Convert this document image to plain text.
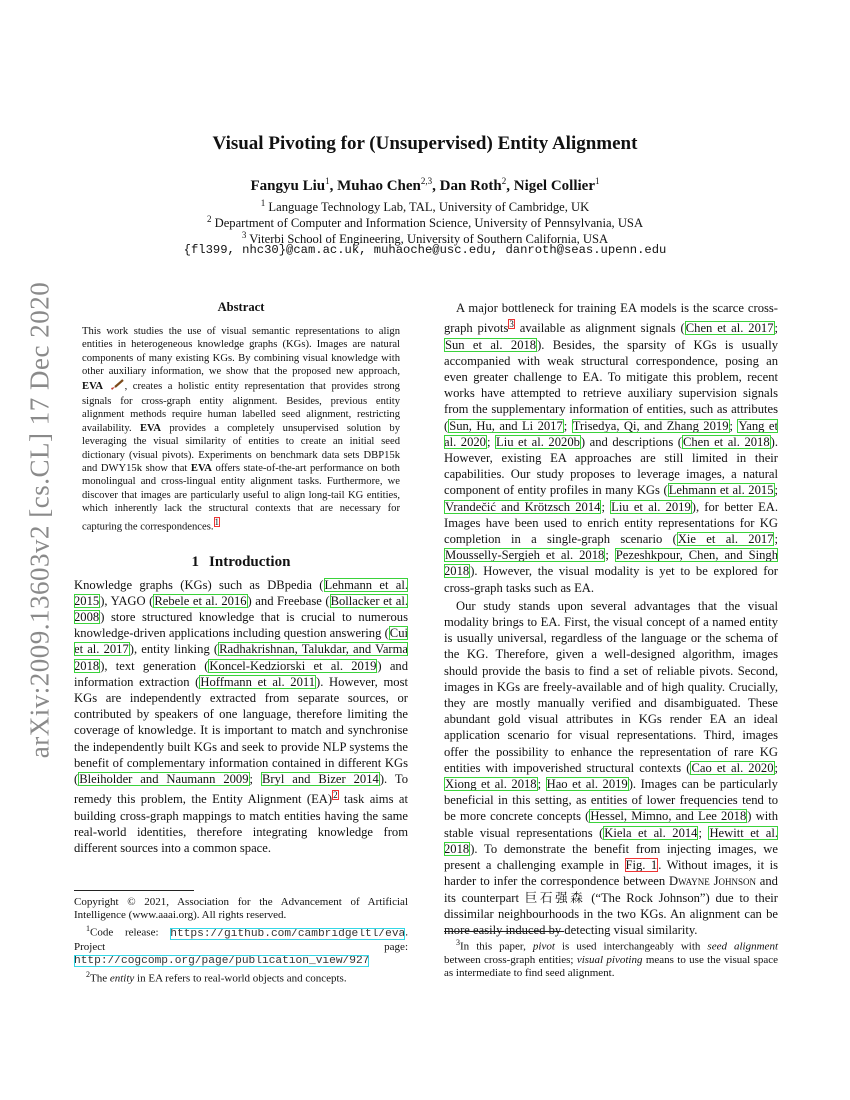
arXiv:2009.13603v2 [cs.CL] 17 Dec 2020
Visual Pivoting for (Unsupervised) Entity Alignment
Fangyu Liu$^1$, Muhao Chen$^{2,3}$, Dan Roth$^2$, Nigel Collier$^1$
$^1$ Language Technology Lab, TAL, University of Cambridge, UK
$^2$ Department of Computer and Information Science, University of Pennsylvania, USA
$^3$ Viterbi School of Engineering, University of Southern California, USA
{fl399, nhc30}@cam.ac.uk, muhaoche@usc.edu, danroth@seas.upenn.edu
Abstract

This work studies the use of visual semantic representations to align entities in heterogeneous knowledge graphs (KGs). Images are natural components of many existing KGs. By combining visual knowledge with other auxiliary information, we show that the proposed new approach, EVA , creates a holistic entity representation that provides strong signals for cross-graph entity alignment. Besides, previous entity alignment methods require human labelled seed alignment, restricting availability. EVA provides a completely unsupervised solution by leveraging the visual similarity of entities to create an initial seed dictionary (visual pivots). Experiments on benchmark data sets DBP15k and DWY15k show that EVA offers state-of-the-art performance on both monolingual and cross-lingual entity alignment tasks. Furthermore, we discover that images are particularly useful to align long-tail KG entities, which inherently lack the structural contexts that are necessary for capturing the correspondences.$^1$

1 Introduction

Knowledge graphs (KGs) such as DBpedia (Lehmann et al. 2015), YAGO (Rebele et al. 2016) and Freebase (Bollacker et al. 2008) store structured knowledge that is crucial to numerous knowledge-driven applications including question answering (Cui et al. 2017), entity linking (Radhakrishnan, Talukdar, and Varma 2018), text generation (Koncel-Kedziorski et al. 2019) and information extraction (Hoffmann et al. 2011). However, most KGs are independently extracted from separate sources, or contributed by speakers of one language, therefore limiting the coverage of knowledge. It is important to match and synchronise the independently built KGs and seek to provide NLP systems the benefit of complementary information contained in different KGs (Bleiholder and Naumann 2009; Bryl and Bizer 2014). To remedy this problem, the Entity Alignment (EA)$^2$ task aims at building cross-graph mappings to match entities having the same real-world identities, therefore integrating knowledge from different sources into a common space.

Copyright © 2021, Association for the Advancement of Artificial Intelligence (www.aaai.org). All rights reserved.

$^1$Code release: https://github.com/cambridgeltl/eva. Project page: http://cogcomp.org/page/publication_view/927

$^2$The entity in EA refers to real-world objects and concepts.

A major bottleneck for training EA models is the scarce cross-graph pivots$^3$ available as alignment signals (Chen et al. 2017; Sun et al. 2018). Besides, the sparsity of KGs is usually accompanied with weak structural correspondence, posing an even greater challenge to EA. To mitigate this problem, recent works have attempted to retrieve auxiliary supervision signals from the supplementary information of entities, such as attributes (Sun, Hu, and Li 2017; Trisedya, Qi, and Zhang 2019; Yang et al. 2020; Liu et al. 2020b) and descriptions (Chen et al. 2018). However, existing EA approaches are still limited in their capabilities. Our study proposes to leverage images, a natural component of entity profiles in many KGs (Lehmann et al. 2015; Vrandečić and Krötzsch 2014; Liu et al. 2019), for better EA. Images have been used to enrich entity representations for KG completion in a single-graph scenario (Xie et al. 2017; Mousselly-Sergieh et al. 2018; Pezeshkpour, Chen, and Singh 2018). However, the visual modality is yet to be explored for cross-graph tasks such as EA.

Our study stands upon several advantages that the visual modality brings to EA. First, the visual concept of a named entity is usually universal, regardless of the language or the schema of the KG. Therefore, given a well-designed algorithm, images should provide the basis to find a set of reliable pivots. Second, images in KGs are freely-available and of high quality. Crucially, they are mostly manually verified and disambiguated. These abundant gold visual attributes in KGs render EA an ideal application scenario for visual representations. Third, images offer the possibility to enhance the representation of rare KG entities with impoverished structural contexts (Cao et al. 2020; Xiong et al. 2018; Hao et al. 2019). Images can be particularly beneficial in this setting, as entities of lower frequencies tend to be more concrete concepts (Hessel, Mimno, and Lee 2018) with stable visual representations (Kiela et al. 2014; Hewitt et al. 2018). To demonstrate the benefit from injecting images, we present a challenging example in Fig. 1. Without images, it is harder to infer the correspondence between Dwayne Johnson and its counterpart 巨石强森 (“The Rock Johnson”) due to their dissimilar neighbourhoods in the two KGs. An alignment can be more easily induced by detecting visual similarity.

$^3$In this paper, pivot is used interchangeably with seed alignment between cross-graph entities; visual pivoting means to use the visual space as intermediate to find seed alignment.
